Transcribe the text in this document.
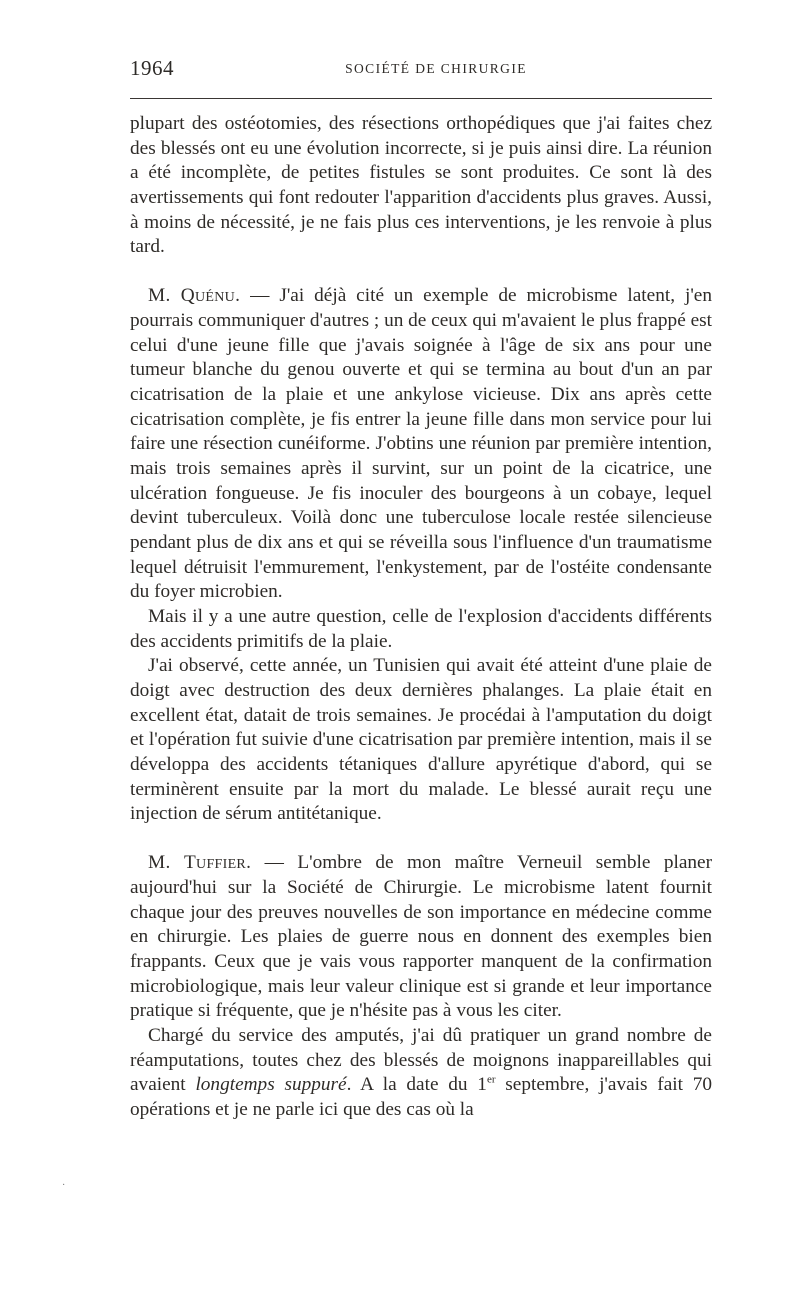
1964	SOCIÉTÉ DE CHIRURGIE

plupart des ostéotomies, des résections orthopédiques que j'ai faites chez des blessés ont eu une évolution incorrecte, si je puis ainsi dire. La réunion a été incomplète, de petites fistules se sont produites. Ce sont là des avertissements qui font redouter l'apparition d'accidents plus graves. Aussi, à moins de nécessité, je ne fais plus ces interventions, je les renvoie à plus tard.

M. Quénu. — J'ai déjà cité un exemple de microbisme latent, j'en pourrais communiquer d'autres ; un de ceux qui m'avaient le plus frappé est celui d'une jeune fille que j'avais soignée à l'âge de six ans pour une tumeur blanche du genou ouverte et qui se termina au bout d'un an par cicatrisation de la plaie et une ankylose vicieuse. Dix ans après cette cicatrisation complète, je fis entrer la jeune fille dans mon service pour lui faire une résection cunéiforme. J'obtins une réunion par première intention, mais trois semaines après il survint, sur un point de la cicatrice, une ulcération fongueuse. Je fis inoculer des bourgeons à un cobaye, lequel devint tuberculeux. Voilà donc une tuberculose locale restée silencieuse pendant plus de dix ans et qui se réveilla sous l'influence d'un traumatisme lequel détruisit l'emmurement, l'enkystement, par de l'ostéite condensante du foyer microbien.

Mais il y a une autre question, celle de l'explosion d'accidents différents des accidents primitifs de la plaie.

J'ai observé, cette année, un Tunisien qui avait été atteint d'une plaie de doigt avec destruction des deux dernières phalanges. La plaie était en excellent état, datait de trois semaines. Je procédai à l'amputation du doigt et l'opération fut suivie d'une cicatrisation par première intention, mais il se développa des accidents tétaniques d'allure apyrétique d'abord, qui se terminèrent ensuite par la mort du malade. Le blessé aurait reçu une injection de sérum antitétanique.

M. Tuffier. — L'ombre de mon maître Verneuil semble planer aujourd'hui sur la Société de Chirurgie. Le microbisme latent fournit chaque jour des preuves nouvelles de son importance en médecine comme en chirurgie. Les plaies de guerre nous en donnent des exemples bien frappants. Ceux que je vais vous rapporter manquent de la confirmation microbiologique, mais leur valeur clinique est si grande et leur importance pratique si fréquente, que je n'hésite pas à vous les citer.

Chargé du service des amputés, j'ai dû pratiquer un grand nombre de réamputations, toutes chez des blessés de moignons inappareillables qui avaient longtemps suppuré. A la date du 1er septembre, j'avais fait 70 opérations et je ne parle ici que des cas où la

·
